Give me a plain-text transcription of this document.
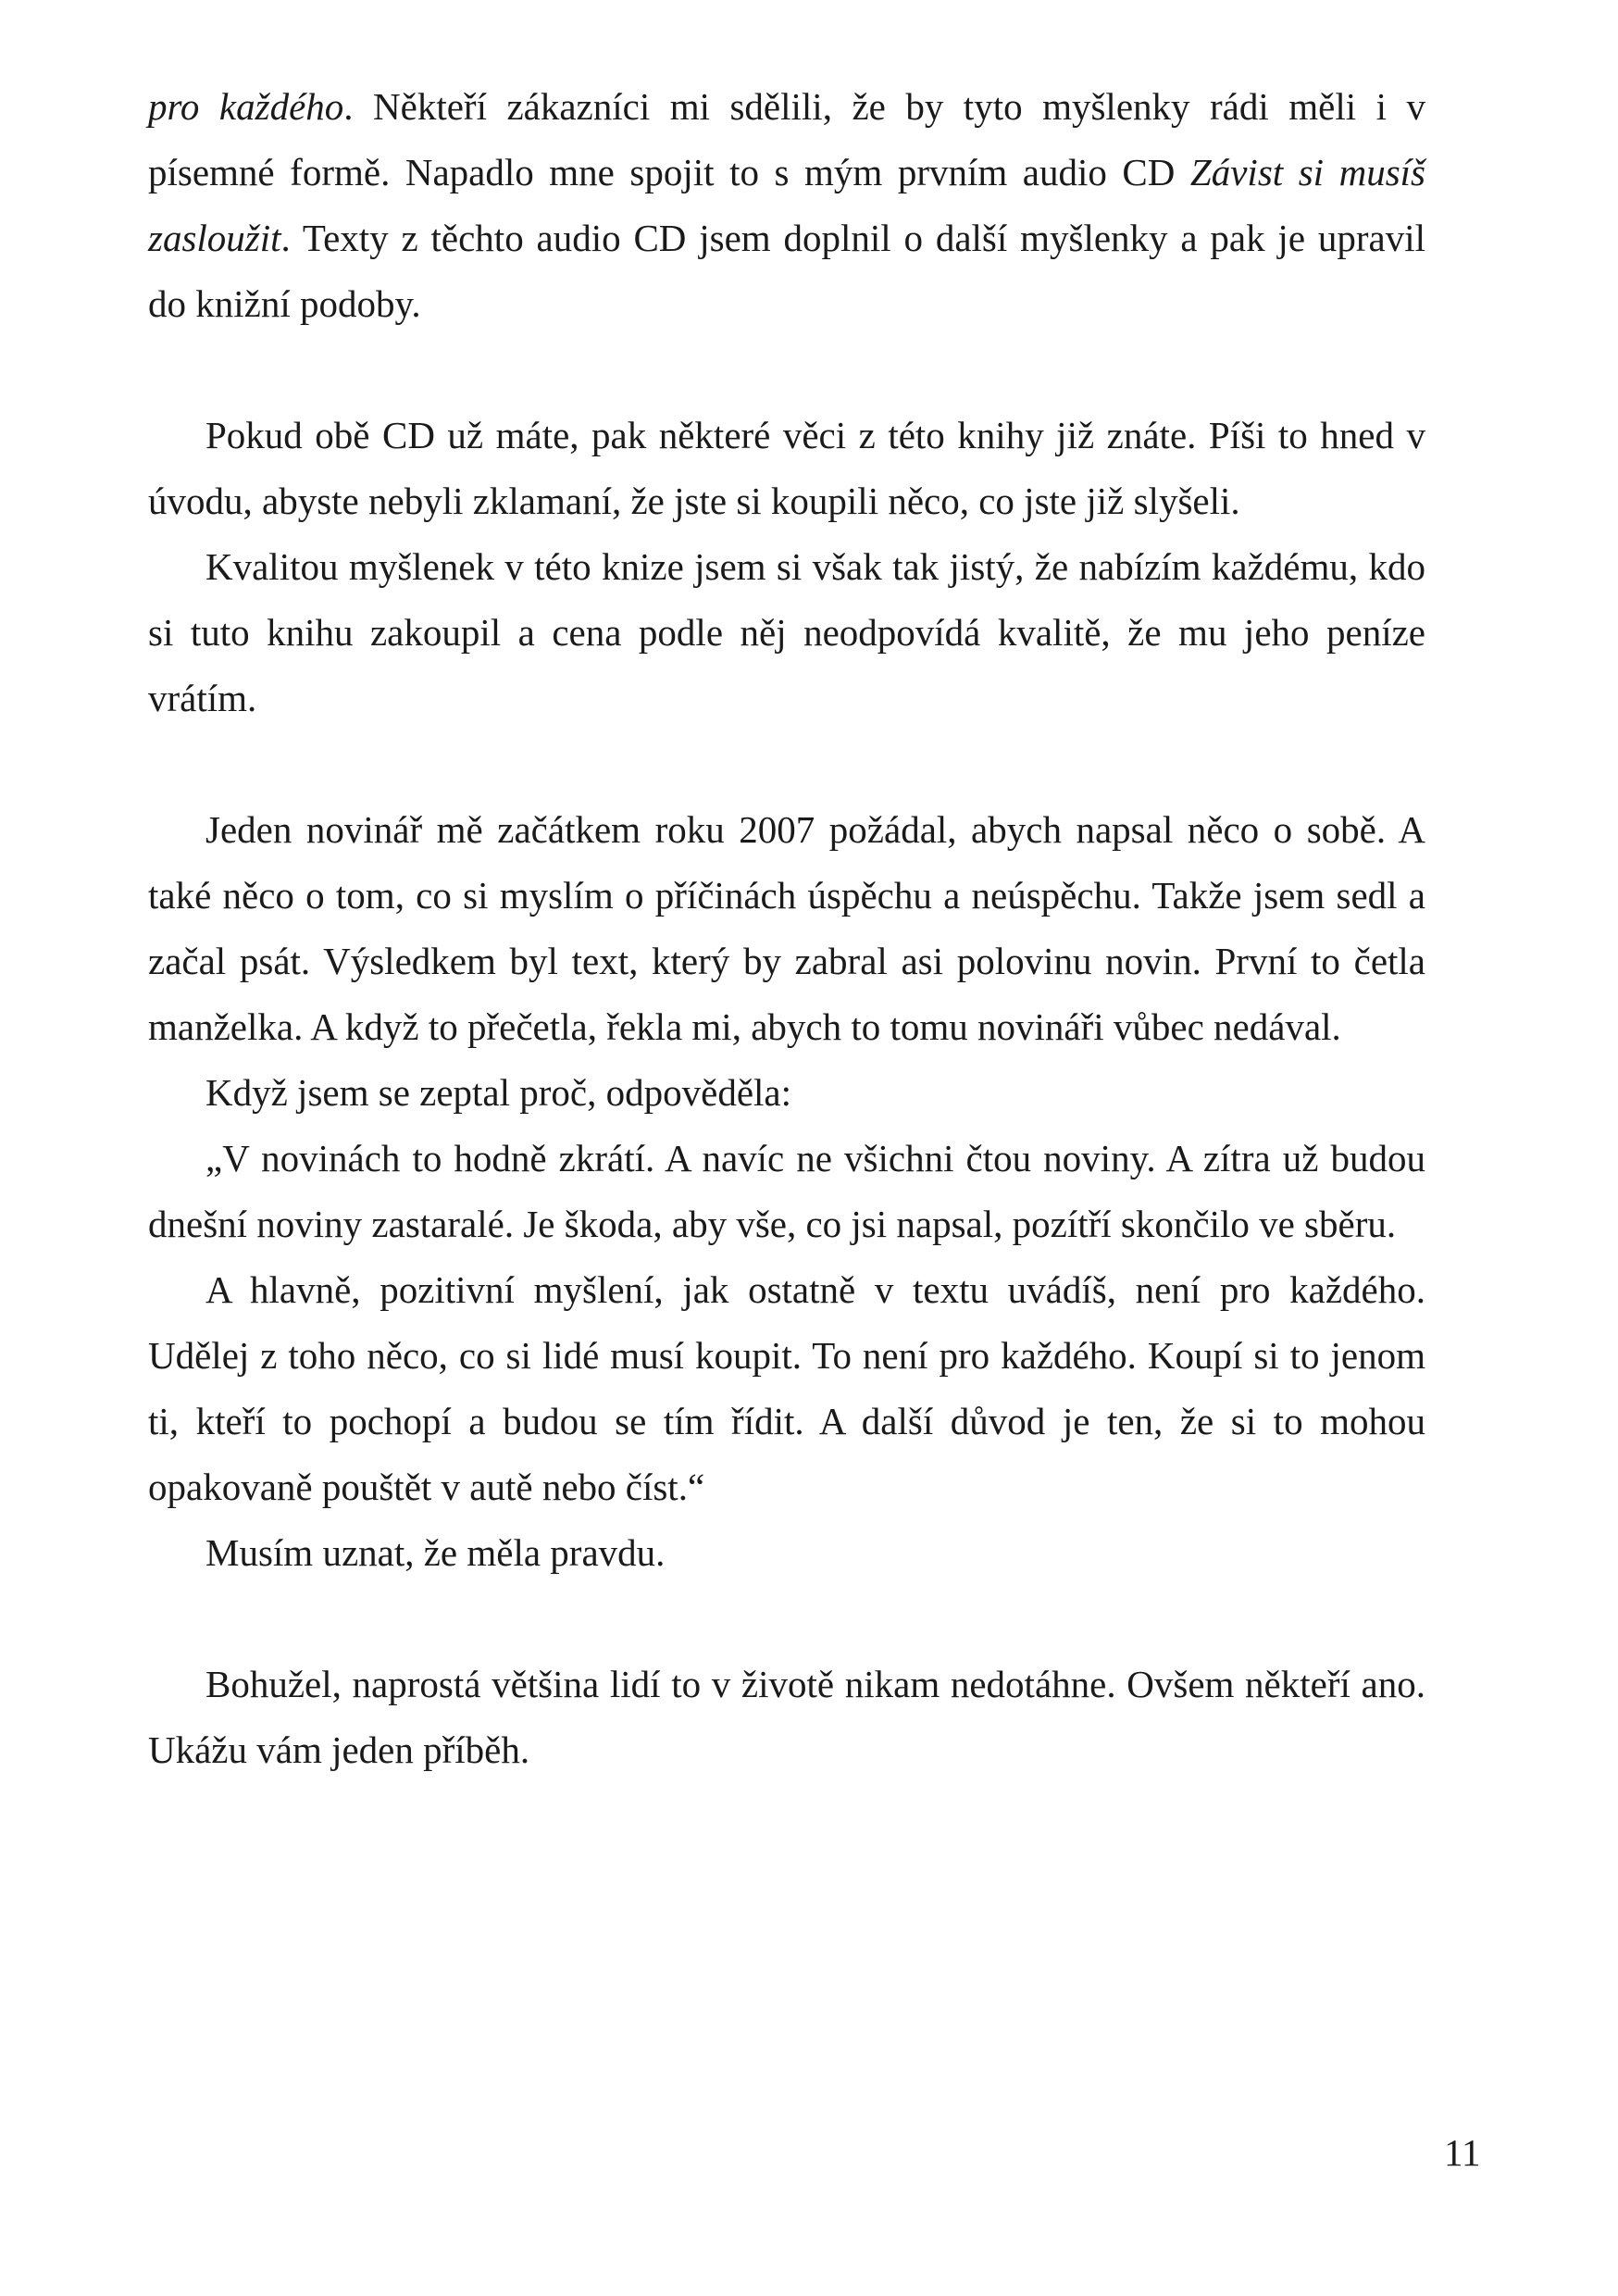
pro každého. Někteří zákazníci mi sdělili, že by tyto myšlenky rádi měli i v písemné formě. Napadlo mne spojit to s mým prvním audio CD Závist si musíš zasloužit. Texty z těchto audio CD jsem doplnil o další myšlenky a pak je upravil do knižní podoby.

Pokud obě CD už máte, pak některé věci z této knihy již znáte. Píši to hned v úvodu, abyste nebyli zklamaní, že jste si koupili něco, co jste již slyšeli.

Kvalitou myšlenek v této knize jsem si však tak jistý, že nabízím každému, kdo si tuto knihu zakoupil a cena podle něj neodpovídá kvalitě, že mu jeho peníze vrátím.

Jeden novinář mě začátkem roku 2007 požádal, abych napsal něco o sobě. A také něco o tom, co si myslím o příčinách úspěchu a neúspěchu. Takže jsem sedl a začal psát. Výsledkem byl text, který by zabral asi polovinu novin. První to četla manželka. A když to přečetla, řekla mi, abych to tomu novináři vůbec nedával.

Když jsem se zeptal proč, odpověděla:

„V novinách to hodně zkrátí. A navíc ne všichni čtou noviny. A zítra už budou dnešní noviny zastaralé. Je škoda, aby vše, co jsi napsal, pozítří skončilo ve sběru.

A hlavně, pozitivní myšlení, jak ostatně v textu uvádíš, není pro každého. Udělej z toho něco, co si lidé musí koupit. To není pro každého. Koupí si to jenom ti, kteří to pochopí a budou se tím řídit. A další důvod je ten, že si to mohou opakovaně pouštět v autě nebo číst.“

Musím uznat, že měla pravdu.

Bohužel, naprostá většina lidí to v životě nikam nedotáhne. Ovšem někteří ano. Ukážu vám jeden příběh.

11
